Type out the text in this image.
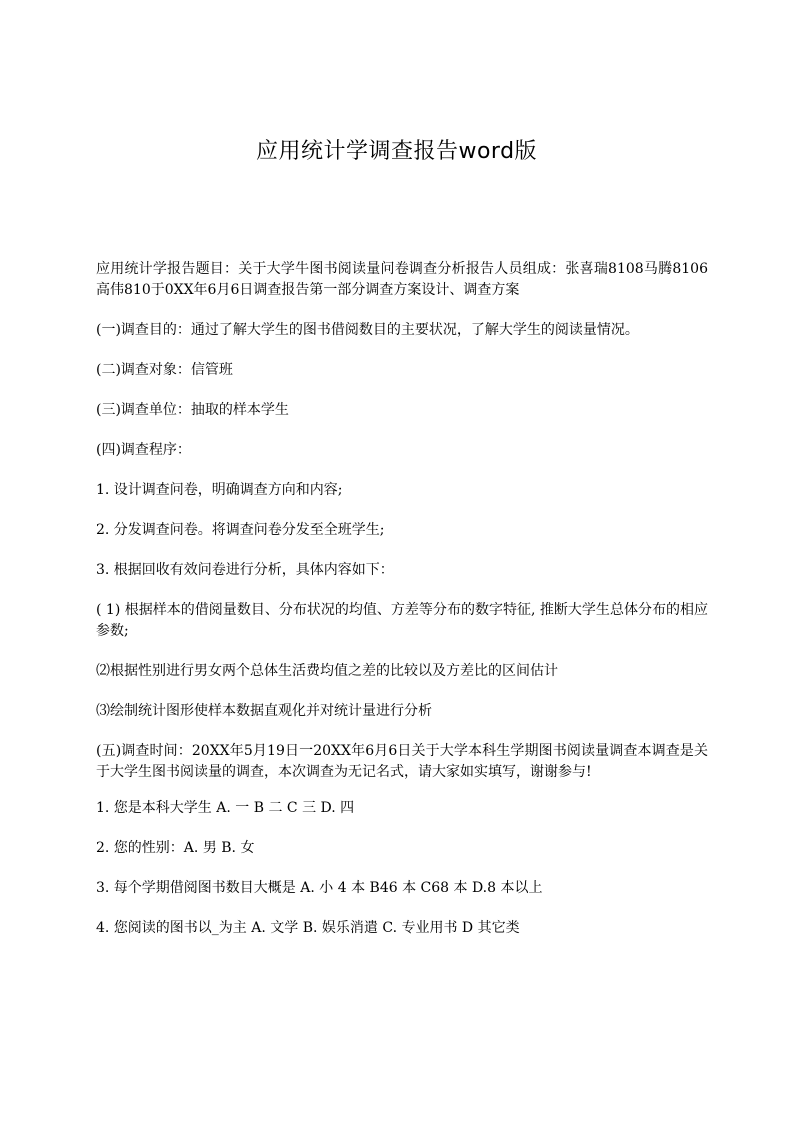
应用统计学调查报告word版

应用统计学报告题目：关于大学牛图书阅读量问卷调查分析报告人员组成：张喜瑞8108马腾8106高伟810于0XX年6月6日调查报告第一部分调查方案设计、调查方案

(一)调查目的：通过了解大学生的图书借阅数目的主要状况，了解大学生的阅读量情况。

(二)调查对象：信管班

(三)调查单位：抽取的样本学生

(四)调查程序：

1. 设计调查问卷，明确调查方向和内容;

2. 分发调查问卷。将调查问卷分发至全班学生;

3. 根据回收有效问卷进行分析，具体内容如下：

( 1) 根据样本的借阅量数目、分布状况的均值、方差等分布的数字特征, 推断大学生总体分布的相应参数;

⑵根据性别进行男女两个总体生活费均值之差的比较以及方差比的区间估计

⑶绘制统计图形使样本数据直观化并对统计量进行分析

(五)调查时间：20XX年5月19日一20XX年6月6日关于大学本科生学期图书阅读量调查本调查是关于大学生图书阅读量的调查，本次调查为无记名式，请大家如实填写，谢谢参与!

1. 您是本科大学生 A. 一 B 二 C 三 D. 四

2. 您的性别：A. 男 B. 女

3. 每个学期借阅图书数目大概是 A. 小 4 本 B46 本 C68 本 D.8 本以上

4. 您阅读的图书以_为主 A. 文学 B. 娱乐消遣 C. 专业用书 D 其它类
